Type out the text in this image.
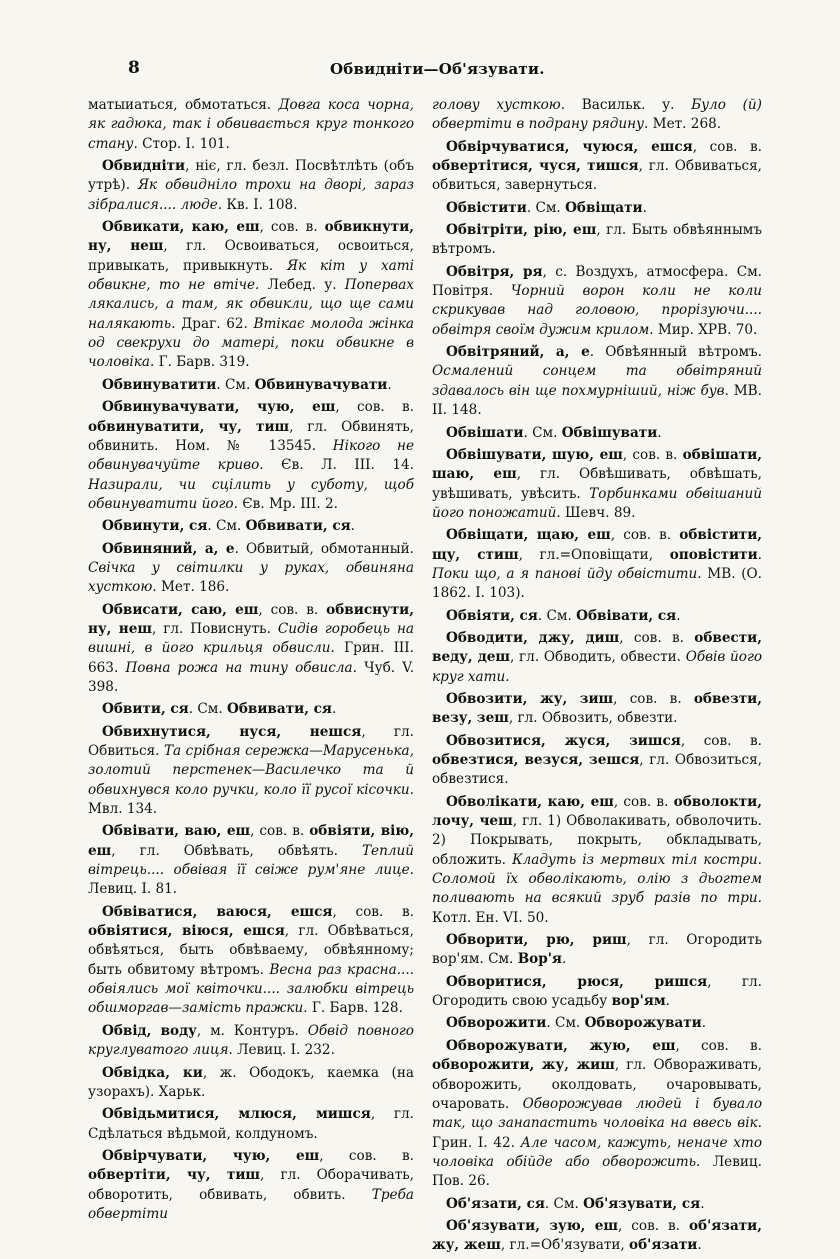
8	Обвидніти—Об'язувати.

матыиаться, обмотаться. Довга коса чорна, як гадюка, так і обвивається круг тонкого стану. Стор. І. 101.

Обвидніти, ніє, гл. безл. Посвѣтлѣть (объ утрѣ). Як обвидніло трохи на дворі, зараз зібралися.... люде. Кв. І. 108.

Обвикати, каю, еш, сов. в. обвикнути, ну, неш, гл. Освоиваться, освоиться, привыкать, привыкнуть. Як кіт у хаті обвикне, то не втіче. Лебед. у. Поперваx лякались, а там, як обвикли, що ще сами налякають. Драг. 62. Втікає молода жінка од свекрухи до матері, поки обвикне в чоловіка. Г. Барв. 319.

Обвинуватити. См. Обвинувачувати.

Обвинувачувати, чую, еш, сов. в. обвинуватити, чу, тиш, гл. Обвинять, обвинить. Ном. № 13545. Нікого не обвинувачуйте криво. Єв. Л. III. 14. Назирали, чи сцілить у суботу, щоб обвинуватити його. Єв. Мр. III. 2.

Обвинути, ся. См. Обвивати, ся.

Обвиняний, а, е. Обвитый, обмотанный. Свічка у світилки у руках, обвиняна хусткою. Мет. 186.

Обвисати, саю, еш, сов. в. обвиснути, ну, неш, гл. Повиснуть. Сидів горобець на вишні, в його крильця обвисли. Грин. III. 663. Повна рожа на тину обвисла. Чуб. V. 398.

Обвити, ся. См. Обвивати, ся.

Обвихнутися, нуся, нешся, гл. Обвиться. Та срібная сережка—Марусенька, золотий перстенек—Василечко та й обвихнувся коло ручки, коло її русої кісочки. Мвл. 134.

Обвівати, ваю, еш, сов. в. обвіяти, вію, еш, гл. Обвѣвать, обвѣять. Теплий вітрець.... обвівая її свіже рум'яне лице. Левиц. І. 81.

Обвіватися, ваюся, ешся, сов. в. обвіятися, віюся, ешся, гл. Обвѣваться, обвѣяться, быть обвѣваему, обвѣянному; быть обвитому вѣтромъ. Весна раз красна.... обвіялись мої квіточки.... залюбки вітрець обшморгав—замість пражки. Г. Барв. 128.

Обвід, воду, м. Контуръ. Обвід повного круглуватого лиця. Левиц. І. 232.

Обвідка, ки, ж. Ободокъ, каемка (на узорахъ). Харьк.

Обвідьмитися, млюся, мишся, гл. Сдѣлаться вѣдьмой, колдуномъ.

Обвірчувати, чую, еш, сов. в. обвертіти, чу, тиш, гл. Оборачивать, обворотить, обвивать, обвить. Треба обвертіти

голову хусткою. Васильк. у. Було (й) обвертіти в подрану рядину. Мет. 268.

Обвірчуватися, чуюся, ешся, сов. в. обвертітися, чуся, тишся, гл. Обвиваться, обвиться, завернуться.

Обвістити. См. Обвіщати.

Обвітріти, рію, еш, гл. Быть обвѣяннымъ вѣтромъ.

Обвітря, ря, с. Воздухъ, атмосфера. См. Повітря. Чорний ворон коли не коли скрикував над головою, прорізуючи.... обвітря своїм дужим крилом. Мир. ХРВ. 70.

Обвітряний, а, е. Обвѣянный вѣтромъ. Осмалений сонцем та обвітряний здавалось він ще похмурніший, ніж був. МВ. II. 148.

Обвішати. См. Обвішувати.

Обвішувати, шую, еш, сов. в. обвішати, шаю, еш, гл. Обвѣшивать, обвѣшать, увѣшивать, увѣсить. Торбинками обвішаний його поножатий. Шевч. 89.

Обвіщати, щаю, еш, сов. в. обвістити, щу, стиш, гл.=Оповіщати, оповістити. Поки що, а я панові йду обвістити. МВ. (О. 1862. І. 103).

Обвіяти, ся. См. Обвівати, ся.

Обводити, джу, диш, сов. в. обвести, веду, деш, гл. Обводить, обвести. Обвів його круг хати.

Обвозити, жу, зиш, сов. в. обвезти, везу, зеш, гл. Обвозить, обвезти.

Обвозитися, жуся, зишся, сов. в. обвезтися, везуся, зешся, гл. Обвозиться, обвезтися.

Обволікати, каю, еш, сов. в. обволокти, лочу, чеш, гл. 1) Обволакивать, обволочить. 2) Покрывать, покрыть, обкладывать, обложить. Кладуть із мертвих тіл костри. Соломой їх обволікають, олію з дьогтем поливають на всякий зруб разів по три. Котл. Ен. VI. 50.

Обворити, рю, риш, гл. Огородить вор'ям. См. Вор'я.

Обворитися, рюся, ришся, гл. Огородить свою усадьбу вор'ям.

Обворожити. См. Обворожувати.

Обворожувати, жую, еш, сов. в. обворожити, жу, жиш, гл. Обвораживать, обворожить, околдовать, очаровывать, очаровать. Обворожував людей і бувало так, що занапастить чоловіка на ввесь вік. Грин. І. 42. Але часом, кажуть, неначе хто чоловіка обійде або обворожить. Левиц. Пов. 26.

Об'язати, ся. См. Об'язувати, ся.

Об'язувати, зую, еш, сов. в. об'язати, жу, жеш, гл.=Об'язувати, об'язати.
